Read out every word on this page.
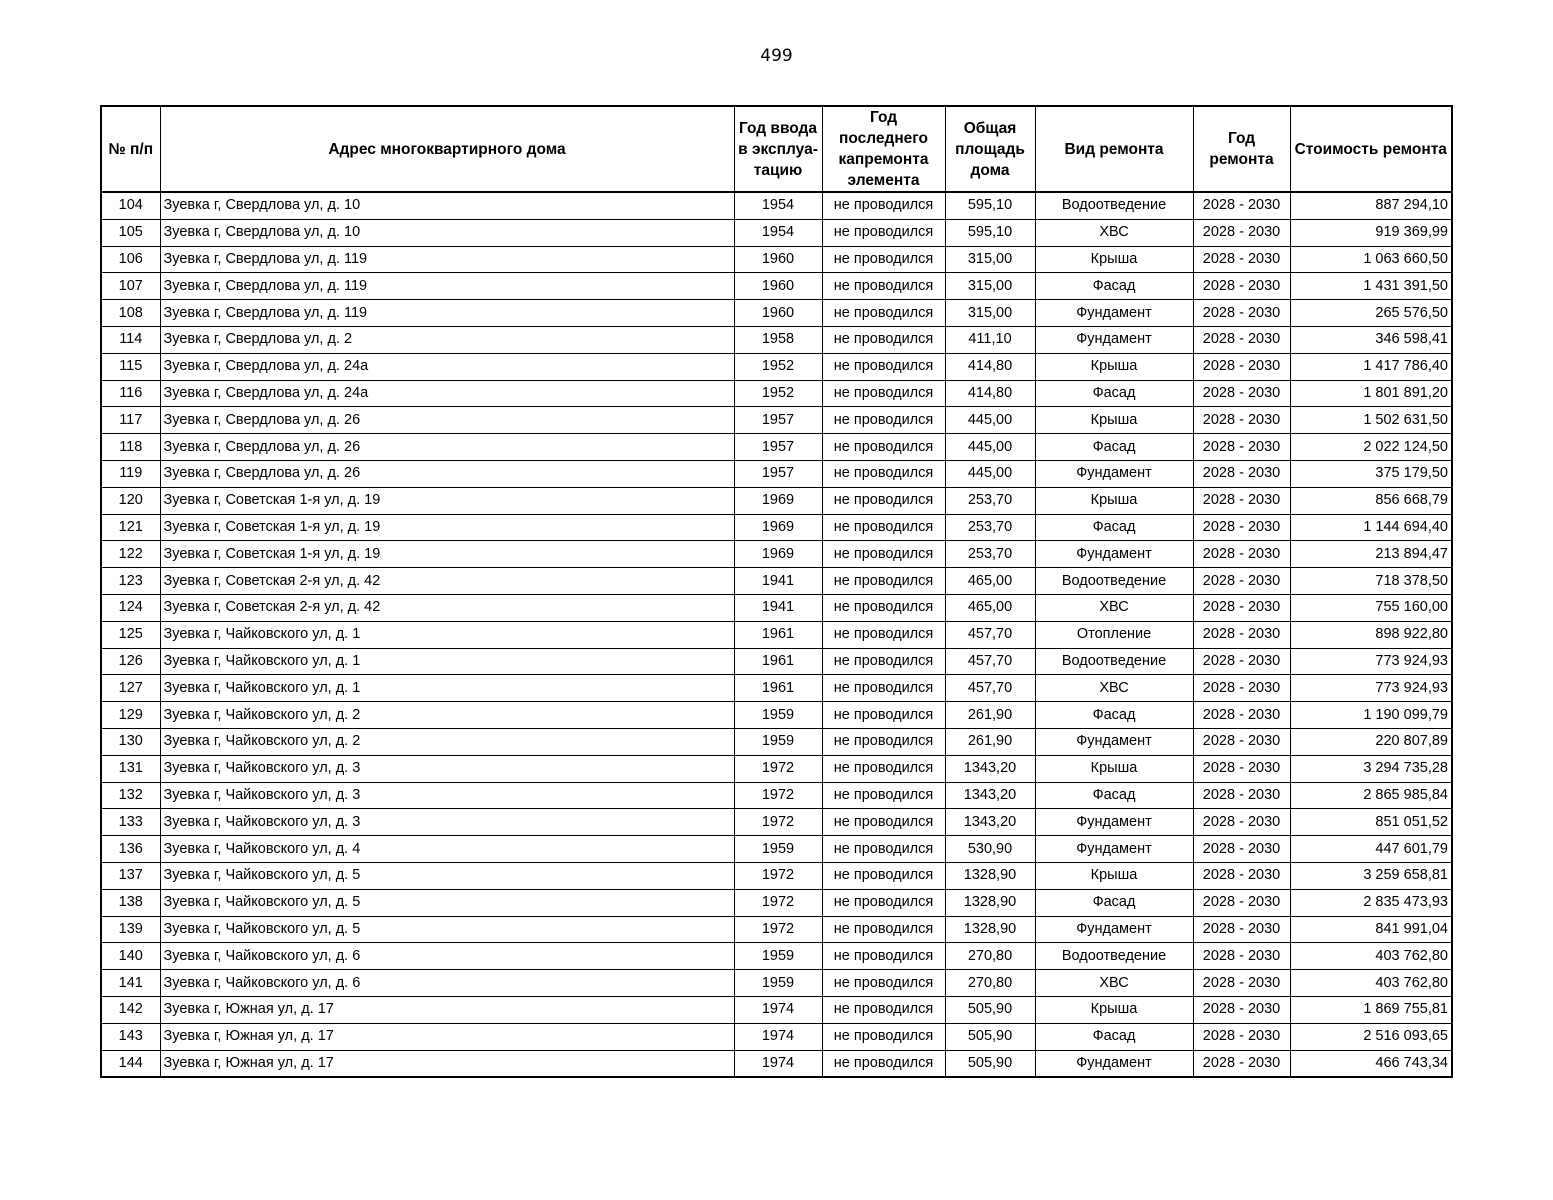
499
№ п/п	Адрес многоквартирного дома	Год ввода в эксплуа-тацию	Год последнего капремонта элемента	Общая площадь дома	Вид ремонта	Год ремонта	Стоимость ремонта
104	Зуевка г, Свердлова ул, д. 10	1954	не проводился	595,10	Водоотведение	2028 - 2030	887 294,10
105	Зуевка г, Свердлова ул, д. 10	1954	не проводился	595,10	ХВС	2028 - 2030	919 369,99
106	Зуевка г, Свердлова ул, д. 119	1960	не проводился	315,00	Крыша	2028 - 2030	1 063 660,50
107	Зуевка г, Свердлова ул, д. 119	1960	не проводился	315,00	Фасад	2028 - 2030	1 431 391,50
108	Зуевка г, Свердлова ул, д. 119	1960	не проводился	315,00	Фундамент	2028 - 2030	265 576,50
114	Зуевка г, Свердлова ул, д. 2	1958	не проводился	411,10	Фундамент	2028 - 2030	346 598,41
115	Зуевка г, Свердлова ул, д. 24а	1952	не проводился	414,80	Крыша	2028 - 2030	1 417 786,40
116	Зуевка г, Свердлова ул, д. 24а	1952	не проводился	414,80	Фасад	2028 - 2030	1 801 891,20
117	Зуевка г, Свердлова ул, д. 26	1957	не проводился	445,00	Крыша	2028 - 2030	1 502 631,50
118	Зуевка г, Свердлова ул, д. 26	1957	не проводился	445,00	Фасад	2028 - 2030	2 022 124,50
119	Зуевка г, Свердлова ул, д. 26	1957	не проводился	445,00	Фундамент	2028 - 2030	375 179,50
120	Зуевка г, Советская 1-я ул, д. 19	1969	не проводился	253,70	Крыша	2028 - 2030	856 668,79
121	Зуевка г, Советская 1-я ул, д. 19	1969	не проводился	253,70	Фасад	2028 - 2030	1 144 694,40
122	Зуевка г, Советская 1-я ул, д. 19	1969	не проводился	253,70	Фундамент	2028 - 2030	213 894,47
123	Зуевка г, Советская 2-я ул, д. 42	1941	не проводился	465,00	Водоотведение	2028 - 2030	718 378,50
124	Зуевка г, Советская 2-я ул, д. 42	1941	не проводился	465,00	ХВС	2028 - 2030	755 160,00
125	Зуевка г, Чайковского ул, д. 1	1961	не проводился	457,70	Отопление	2028 - 2030	898 922,80
126	Зуевка г, Чайковского ул, д. 1	1961	не проводился	457,70	Водоотведение	2028 - 2030	773 924,93
127	Зуевка г, Чайковского ул, д. 1	1961	не проводился	457,70	ХВС	2028 - 2030	773 924,93
129	Зуевка г, Чайковского ул, д. 2	1959	не проводился	261,90	Фасад	2028 - 2030	1 190 099,79
130	Зуевка г, Чайковского ул, д. 2	1959	не проводился	261,90	Фундамент	2028 - 2030	220 807,89
131	Зуевка г, Чайковского ул, д. 3	1972	не проводился	1343,20	Крыша	2028 - 2030	3 294 735,28
132	Зуевка г, Чайковского ул, д. 3	1972	не проводился	1343,20	Фасад	2028 - 2030	2 865 985,84
133	Зуевка г, Чайковского ул, д. 3	1972	не проводился	1343,20	Фундамент	2028 - 2030	851 051,52
136	Зуевка г, Чайковского ул, д. 4	1959	не проводился	530,90	Фундамент	2028 - 2030	447 601,79
137	Зуевка г, Чайковского ул, д. 5	1972	не проводился	1328,90	Крыша	2028 - 2030	3 259 658,81
138	Зуевка г, Чайковского ул, д. 5	1972	не проводился	1328,90	Фасад	2028 - 2030	2 835 473,93
139	Зуевка г, Чайковского ул, д. 5	1972	не проводился	1328,90	Фундамент	2028 - 2030	841 991,04
140	Зуевка г, Чайковского ул, д. 6	1959	не проводился	270,80	Водоотведение	2028 - 2030	403 762,80
141	Зуевка г, Чайковского ул, д. 6	1959	не проводился	270,80	ХВС	2028 - 2030	403 762,80
142	Зуевка г, Южная ул, д. 17	1974	не проводился	505,90	Крыша	2028 - 2030	1 869 755,81
143	Зуевка г, Южная ул, д. 17	1974	не проводился	505,90	Фасад	2028 - 2030	2 516 093,65
144	Зуевка г, Южная ул, д. 17	1974	не проводился	505,90	Фундамент	2028 - 2030	466 743,34
